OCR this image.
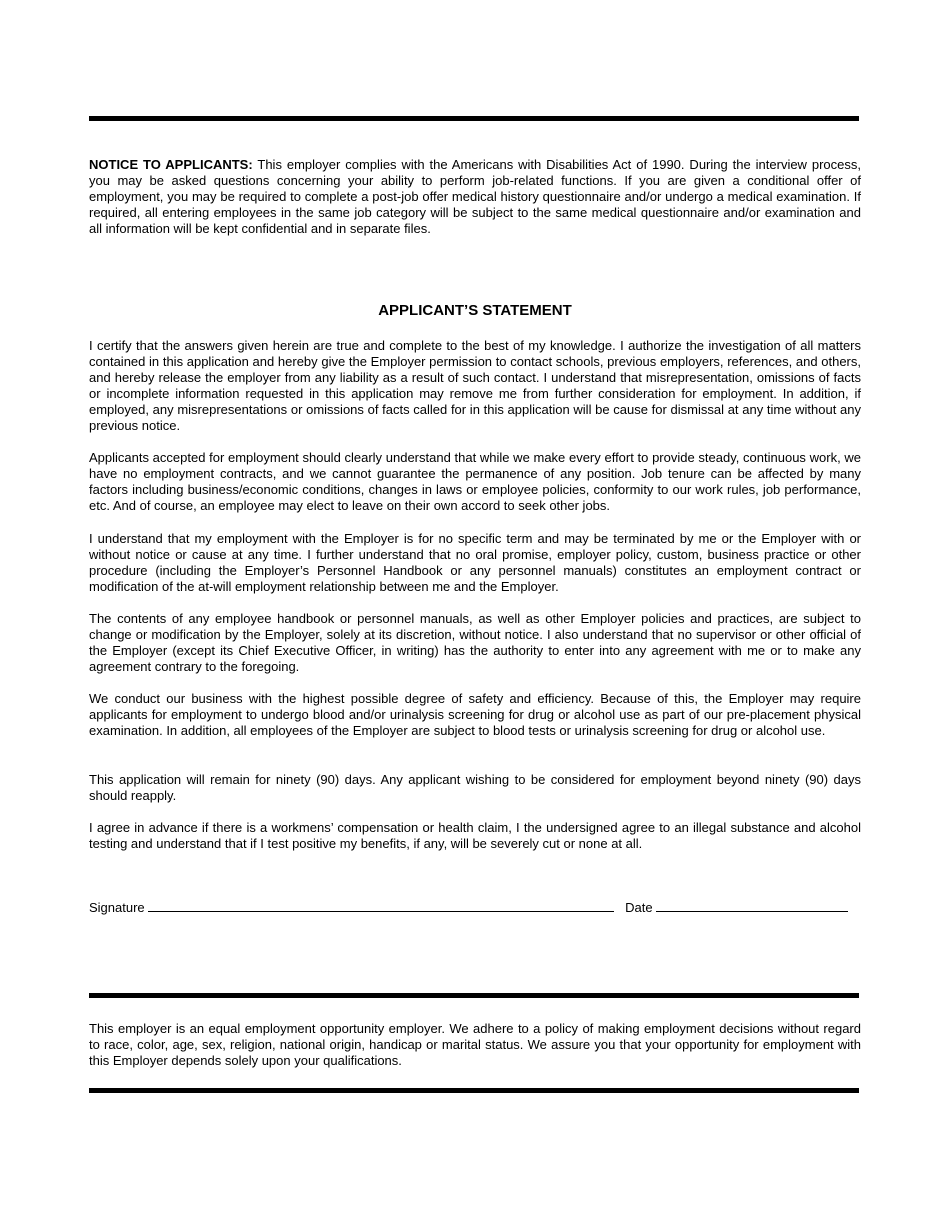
NOTICE TO APPLICANTS: This employer complies with the Americans with Disabilities Act of 1990. During the interview process, you may be asked questions concerning your ability to perform job-related functions. If you are given a conditional offer of employment, you may be required to complete a post-job offer medical history questionnaire and/or undergo a medical examination. If required, all entering employees in the same job category will be subject to the same medical questionnaire and/or examination and all information will be kept confidential and in separate files.

APPLICANT’S STATEMENT

I certify that the answers given herein are true and complete to the best of my knowledge. I authorize the investigation of all matters contained in this application and hereby give the Employer permission to contact schools, previous employers, references, and others, and hereby release the employer from any liability as a result of such contact. I understand that misrepresentation, omissions of facts or incomplete information requested in this application may remove me from further consideration for employment. In addition, if employed, any misrepresentations or omissions of facts called for in this application will be cause for dismissal at any time without any previous notice.

Applicants accepted for employment should clearly understand that while we make every effort to provide steady, continuous work, we have no employment contracts, and we cannot guarantee the permanence of any position. Job tenure can be affected by many factors including business/economic conditions, changes in laws or employee policies, conformity to our work rules, job performance, etc. And of course, an employee may elect to leave on their own accord to seek other jobs.

I understand that my employment with the Employer is for no specific term and may be terminated by me or the Employer with or without notice or cause at any time. I further understand that no oral promise, employer policy, custom, business practice or other procedure (including the Employer’s Personnel Handbook or any personnel manuals) constitutes an employment contract or modification of the at-will employment relationship between me and the Employer.

The contents of any employee handbook or personnel manuals, as well as other Employer policies and practices, are subject to change or modification by the Employer, solely at its discretion, without notice. I also understand that no supervisor or other official of the Employer (except its Chief Executive Officer, in writing) has the authority to enter into any agreement with me or to make any agreement contrary to the foregoing.

We conduct our business with the highest possible degree of safety and efficiency. Because of this, the Employer may require applicants for employment to undergo blood and/or urinalysis screening for drug or alcohol use as part of our pre-placement physical examination. In addition, all employees of the Employer are subject to blood tests or urinalysis screening for drug or alcohol use.

This application will remain for ninety (90) days. Any applicant wishing to be considered for employment beyond ninety (90) days should reapply.

I agree in advance if there is a workmens’ compensation or health claim, I the undersigned agree to an illegal substance and alcohol testing and understand that if I test positive my benefits, if any, will be severely cut or none at all.

Signature	Date

This employer is an equal employment opportunity employer. We adhere to a policy of making employment decisions without regard to race, color, age, sex, religion, national origin, handicap or marital status. We assure you that your opportunity for employment with this Employer depends solely upon your qualifications.
